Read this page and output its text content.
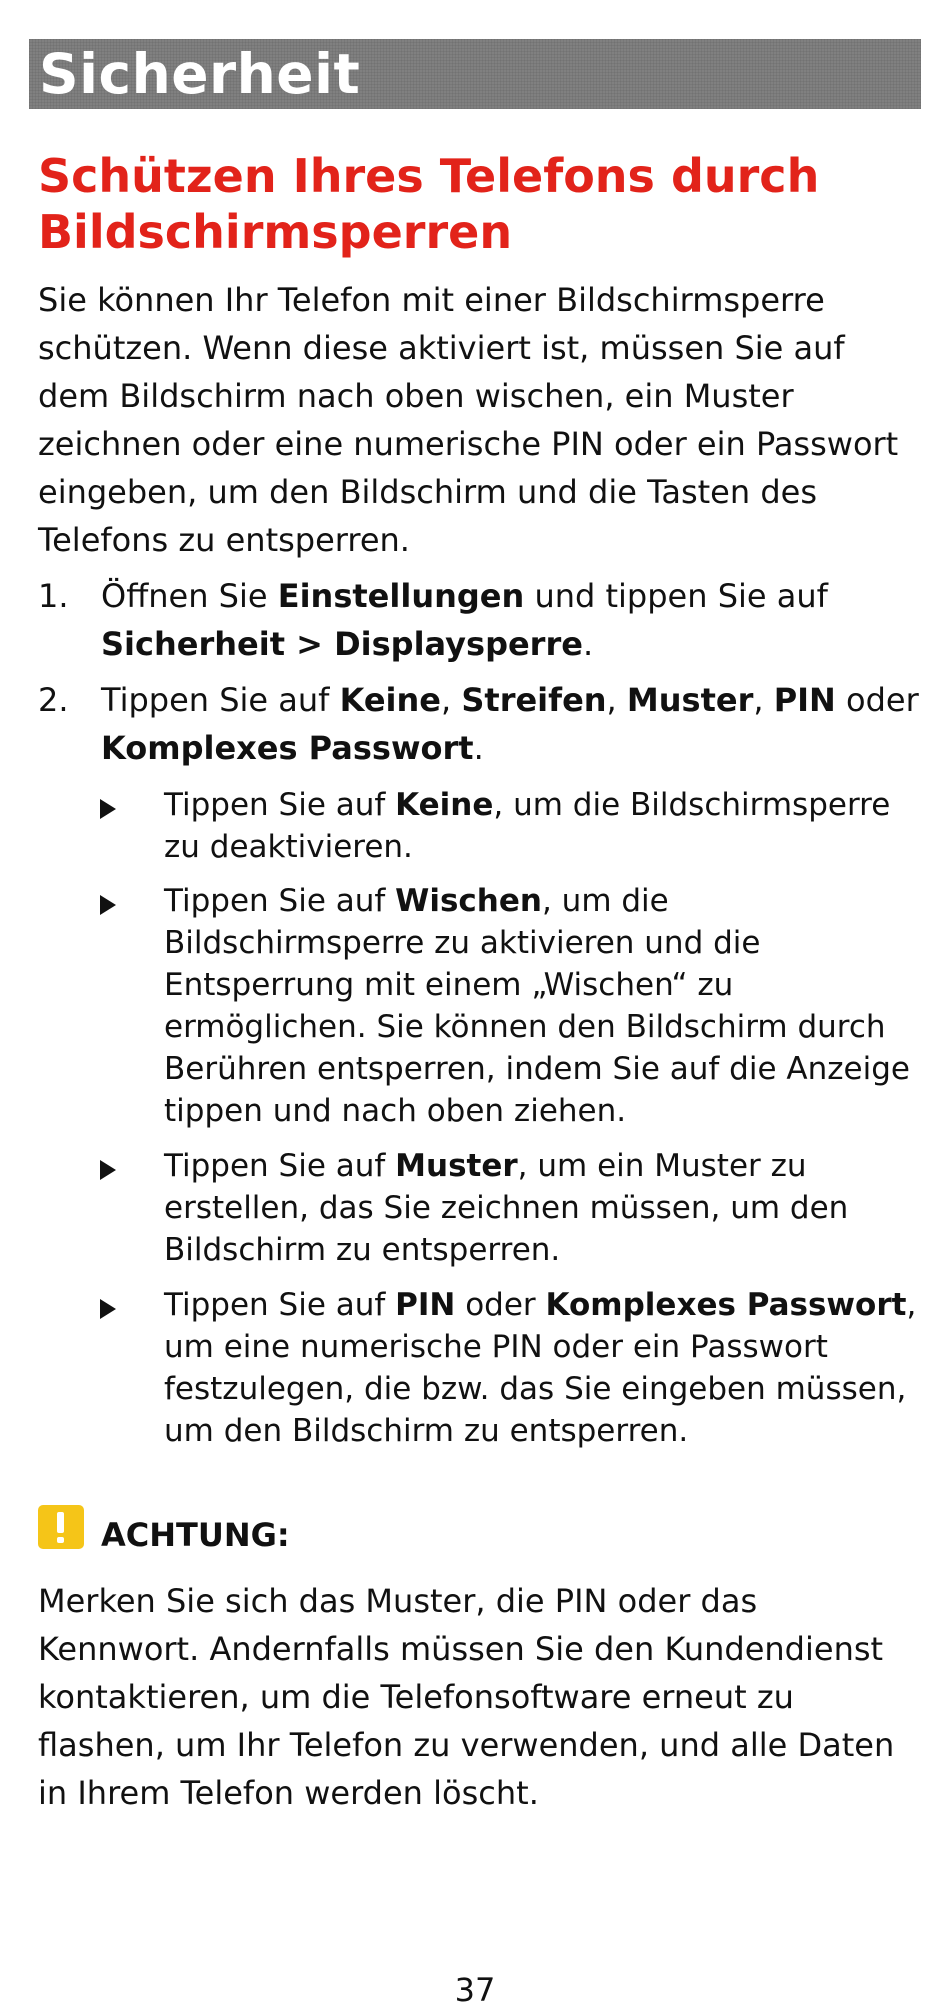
Sicherheit
Schützen Ihres Telefons durch Bildschirmsperren

Sie können Ihr Telefon mit einer Bildschirmsperre schützen. Wenn diese aktiviert ist, müssen Sie auf dem Bildschirm nach oben wischen, ein Muster zeichnen oder eine numerische PIN oder ein Passwort eingeben, um den Bildschirm und die Tasten des Telefons zu entsperren.

1.	Öffnen Sie Einstellungen und tippen Sie auf Sicherheit > Displaysperre.
2.	Tippen Sie auf Keine, Streifen, Muster, PIN oder Komplexes Passwort.
Tippen Sie auf Keine, um die Bildschirmsperre zu deaktivieren.
Tippen Sie auf Wischen, um die Bildschirmsperre zu aktivieren und die Entsperrung mit einem „Wischen“ zu ermöglichen. Sie können den Bildschirm durch Berühren entsperren, indem Sie auf die Anzeige tippen und nach oben ziehen.
Tippen Sie auf Muster, um ein Muster zu erstellen, das Sie zeichnen müssen, um den Bildschirm zu entsperren.
Tippen Sie auf PIN oder Komplexes Passwort, um eine numerische PIN oder ein Passwort festzulegen, die bzw. das Sie eingeben müssen, um den Bildschirm zu entsperren.
ACHTUNG:

Merken Sie sich das Muster, die PIN oder das Kennwort. Andernfalls müssen Sie den Kundendienst kontaktieren, um die Telefonsoftware erneut zu flashen, um Ihr Telefon zu verwenden, und alle Daten in Ihrem Telefon werden löscht.

37
